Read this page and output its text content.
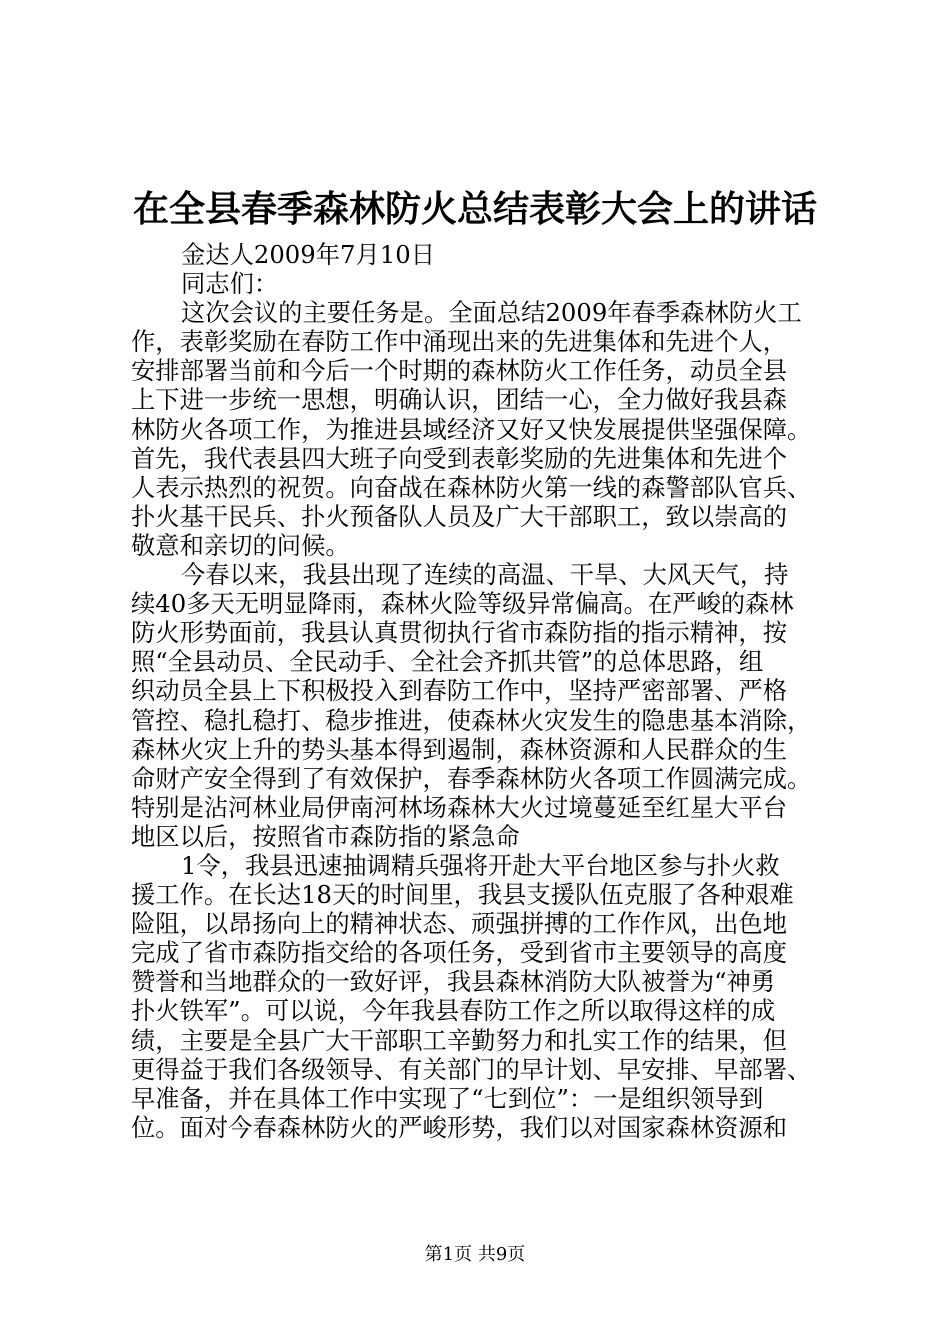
在全县春季森林防火总结表彰大会上的讲话
金达人2009年7月10日
同志们：
这次会议的主要任务是。全面总结2009年春季森林防火工
作，表彰奖励在春防工作中涌现出来的先进集体和先进个人，
安排部署当前和今后一个时期的森林防火工作任务，动员全县
上下进一步统一思想，明确认识，团结一心，全力做好我县森
林防火各项工作，为推进县域经济又好又快发展提供坚强保障。
首先，我代表县四大班子向受到表彰奖励的先进集体和先进个
人表示热烈的祝贺。向奋战在森林防火第一线的森警部队官兵、
扑火基干民兵、扑火预备队人员及广大干部职工，致以崇高的
敬意和亲切的问候。
今春以来，我县出现了连续的高温、干旱、大风天气，持
续40多天无明显降雨，森林火险等级异常偏高。在严峻的森林
防火形势面前，我县认真贯彻执行省市森防指的指示精神，按
照“全县动员、全民动手、全社会齐抓共管”的总体思路，组
织动员全县上下积极投入到春防工作中，坚持严密部署、严格
管控、稳扎稳打、稳步推进，使森林火灾发生的隐患基本消除，
森林火灾上升的势头基本得到遏制，森林资源和人民群众的生
命财产安全得到了有效保护，春季森林防火各项工作圆满完成。
特别是沾河林业局伊南河林场森林大火过境蔓延至红星大平台
地区以后，按照省市森防指的紧急命
1令，我县迅速抽调精兵强将开赴大平台地区参与扑火救
援工作。在长达18天的时间里，我县支援队伍克服了各种艰难
险阻，以昂扬向上的精神状态、顽强拼搏的工作作风，出色地
完成了省市森防指交给的各项任务，受到省市主要领导的高度
赞誉和当地群众的一致好评，我县森林消防大队被誉为“神勇
扑火铁军”。可以说，今年我县春防工作之所以取得这样的成
绩，主要是全县广大干部职工辛勤努力和扎实工作的结果，但
更得益于我们各级领导、有关部门的早计划、早安排、早部署、
早准备，并在具体工作中实现了“七到位”：一是组织领导到
位。面对今春森林防火的严峻形势，我们以对国家森林资源和
第1页 共9页
